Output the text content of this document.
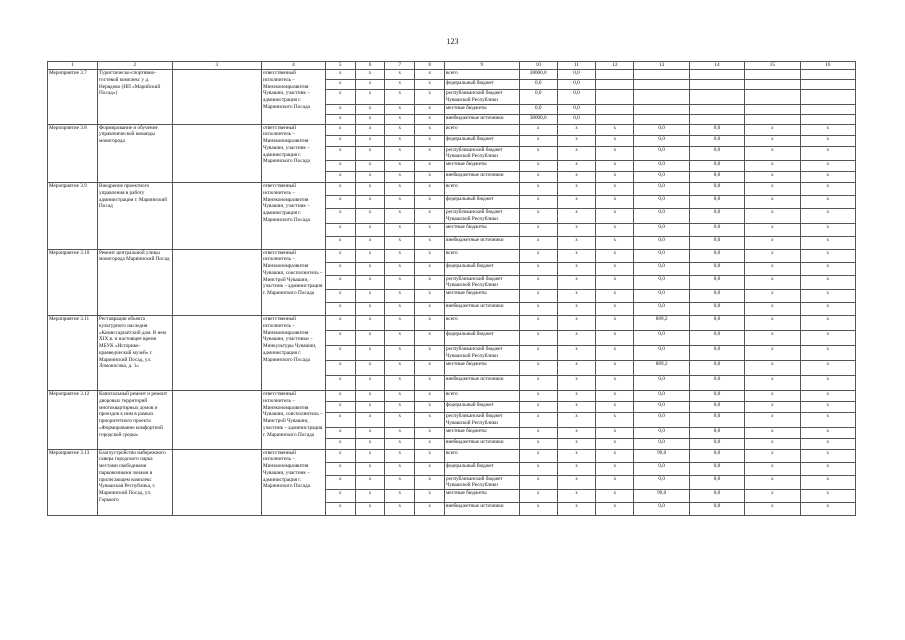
123
1	2	3	4	5	6	7	8	9	10	11	12	13	14	15	16
Мероприятие 3.7	Туристическо-спортивно-гостевой комплекс у д. Нерядово (НП «Марийский Посад»)		ответственный исполнитель – Минэкономразвития Чувашии, участник – администрация г. Мариинского Посада	x	x	x	x	всего	38000,0	0,0					
				x	x	x	x	федеральный бюджет	0,0	0,0					
				x	x	x	x	республиканский бюджет Чувашской Республики	0,0	0,0					
				x	x	x	x	местные бюджеты	0,0	0,0					
				x	x	x	x	внебюджетные источники	38000,0	0,0					
Мероприятие 3.8	Формирование и обучение управленческой команды моногорода		ответственный исполнитель – Минэкономразвития Чувашии, участник – администрация г. Мариинского Посада	x	x	x	x	всего	x	x	x	0,0	0,0	x	x
				x	x	x	x	федеральный бюджет	x	x	x	0,0	0,0	x	x
				x	x	x	x	республиканский бюджет Чувашской Республики	x	x	x	0,0	0,0	x	x
				x	x	x	x	местные бюджеты	x	x	x	0,0	0,0	x	x
				x	x	x	x	внебюджетные источники	x	x	x	0,0	0,0	x	x
Мероприятие 3.9	Внедрение проектного управления в работу администрации г. Мариинский Посад		ответственный исполнитель – Минэкономразвития Чувашии, участник – администрация г. Мариинского Посада	x	x	x	x	всего	x	x	x	0,0	0,0	x	x
				x	x	x	x	федеральный бюджет	x	x	x	0,0	0,0	x	x
				x	x	x	x	республиканский бюджет Чувашской Республики	x	x	x	0,0	0,0	x	x
				x	x	x	x	местные бюджеты	x	x	x	0,0	0,0	x	x
				x	x	x	x	внебюджетные источники	x	x	x	0,0	0,0	x	x
Мероприятие 3.10	Ремонт центральной улицы моногорода Мариинский Посад		ответственный исполнитель – Минэкономразвития Чувашии, соисполнитель – Минстрой Чувашии, участник – администрация г. Мариинского Посада	x	x	x	x	всего	x	x	x	0,0	0,0	x	x
				x	x	x	x	федеральный бюджет	x	x	x	0,0	0,0	x	x
				x	x	x	x	республиканский бюджет Чувашской Республики	x	x	x	0,0	0,0	x	x
				x	x	x	x	местные бюджеты	x	x	x	0,0	0,0	x	x
				x	x	x	x	внебюджетные источники	x	x	x	0,0	0,0	x	x
Мероприятие 3.11	Реставрация объекта культурного наследия «Комиссариатский дом. В нем XIX в. и настоящее время МБУК «Историко-краеведческий музей» г. Мариинский Посад, ул. Ломоносова, д. 1»		ответственный исполнитель – Минэкономразвития Чувашии, участники – Минкультуры Чувашии, администрация г. Мариинского Посада	x	x	x	x	всего	x	x	x	889,2	0,0	x	x
				x	x	x	x	федеральный бюджет	x	x	x	0,0	0,0	x	x
				x	x	x	x	республиканский бюджет Чувашской Республики	x	x	x	0,0	0,0	x	x
				x	x	x	x	местные бюджеты	x	x	x	889,2	0,0	x	x
				x	x	x	x	внебюджетные источники	x	x	x	0,0	0,0	x	x
Мероприятие 3.12	Капитальный ремонт и ремонт дворовых территорий многоквартирных домов и проездов к ним в рамках приоритетного проекта «Формирование комфортной городской среды»		ответственный исполнитель – Минэкономразвития Чувашии, соисполнитель – Минстрой Чувашии, участник – администрация г. Мариинского Посада	x	x	x	x	всего	x	x	x	0,0	0,0	x	x
				x	x	x	x	федеральный бюджет	x	x	x	0,0	0,0	x	x
				x	x	x	x	республиканский бюджет Чувашской Республики	x	x	x	0,0	0,0	x	x
				x	x	x	x	местные бюджеты	x	x	x	0,0	0,0	x	x
				x	x	x	x	внебюджетные источники	x	x	x	0,0	0,0	x	x
Мероприятие 3.13	Благоустройство набережного сквера городского парка местами свободными парковочными зонами в прилегающем комплекс Чувашская Республика, г. Мариинский Посад, ул. Горького		ответственный исполнитель – Минэкономразвития Чувашии, участник – администрация г. Мариинского Посада	x	x	x	x	всего	x	x	x	99,0	0,0	x	x
				x	x	x	x	федеральный бюджет	x	x	x	0,0	0,0	x	x
				x	x	x	x	республиканский бюджет Чувашской Республики	x	x	x	0,0	0,0	x	x
				x	x	x	x	местные бюджеты	x	x	x	99,0	0,0	x	x
				x	x	x	x	внебюджетные источники	x	x	x	0,0	0,0	x	x
